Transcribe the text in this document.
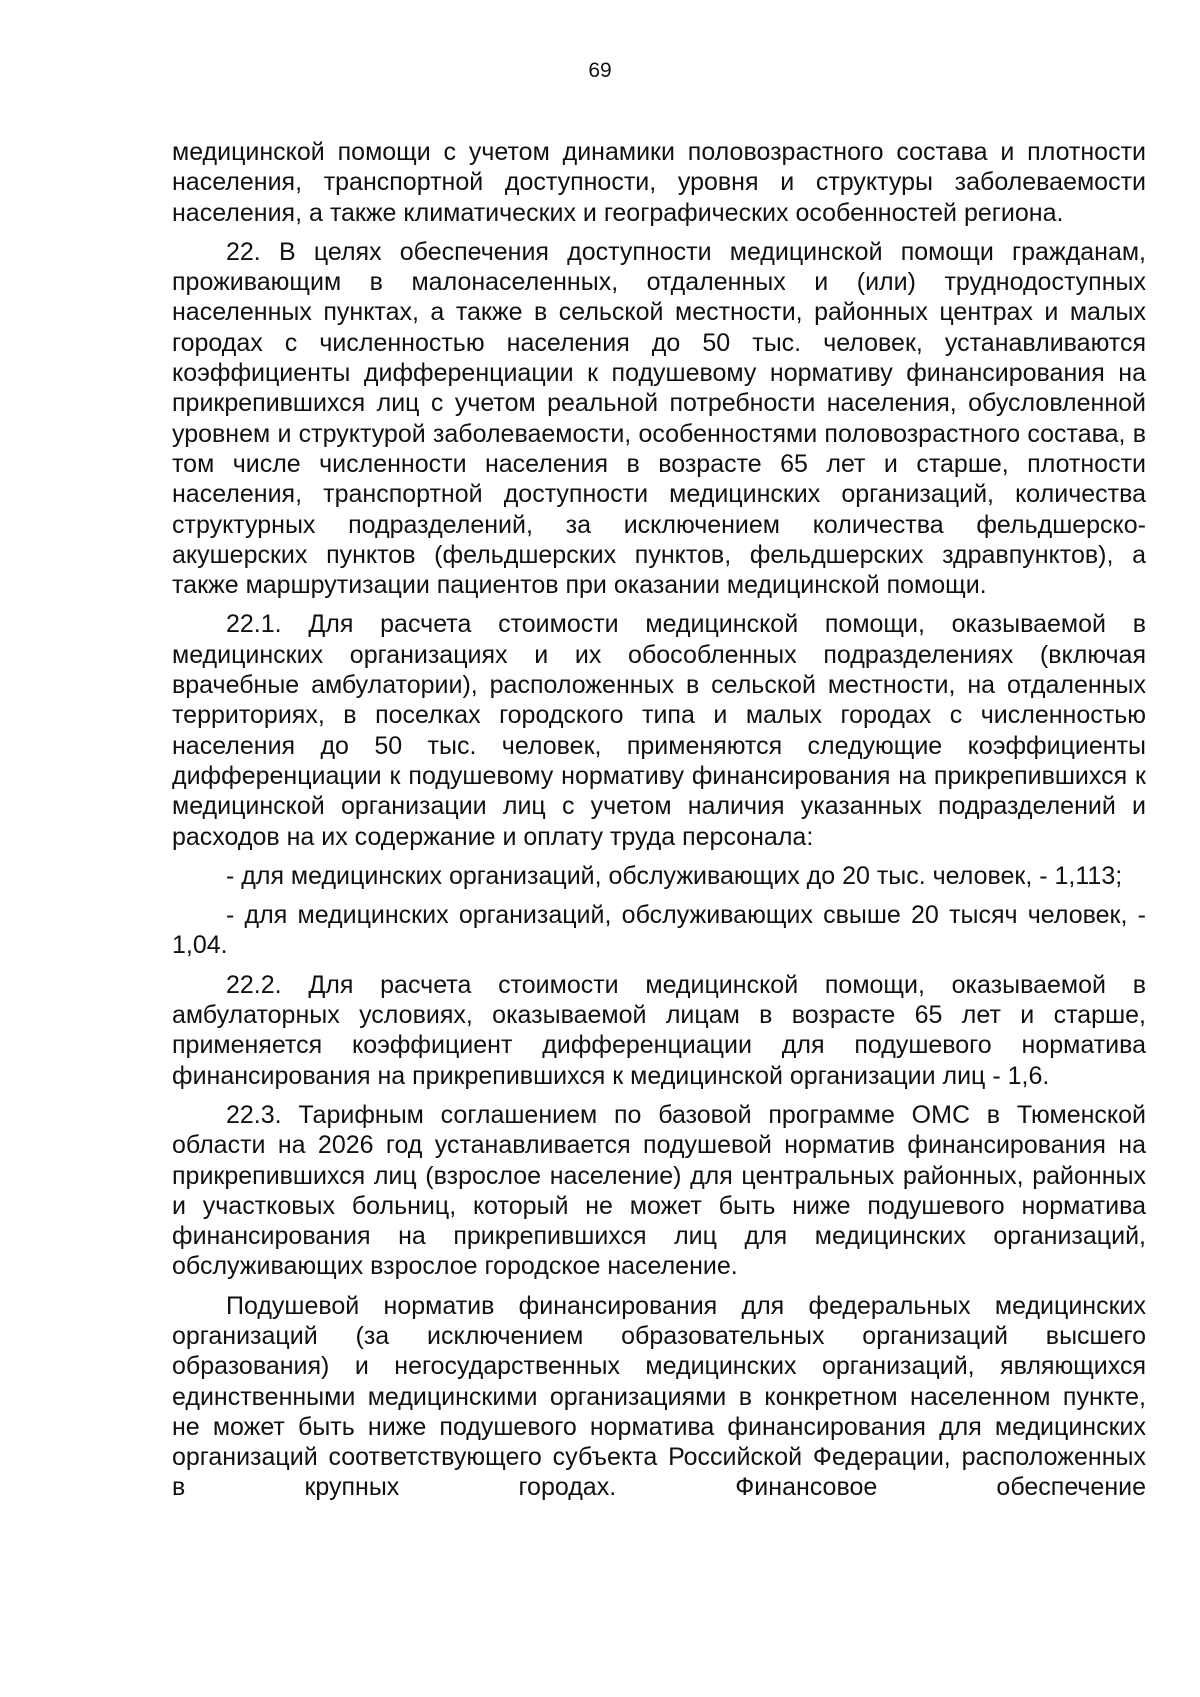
69

медицинской помощи с учетом динамики половозрастного состава и плотности населения, транспортной доступности, уровня и структуры заболеваемости населения, а также климатических и географических особенностей региона.

22. В целях обеспечения доступности медицинской помощи гражданам, проживающим в малонаселенных, отдаленных и (или) труднодоступных населенных пунктах, а также в сельской местности, районных центрах и малых городах с численностью населения до 50 тыс. человек, устанавливаются коэффициенты дифференциации к подушевому нормативу финансирования на прикрепившихся лиц с учетом реальной потребности населения, обусловленной уровнем и структурой заболеваемости, особенностями половозрастного состава, в том числе численности населения в возрасте 65 лет и старше, плотности населения, транспортной доступности медицинских организаций, количества структурных подразделений, за исключением количества фельдшерско-акушерских пунктов (фельдшерских пунктов, фельдшерских здравпунктов), а также маршрутизации пациентов при оказании медицинской помощи.

22.1. Для расчета стоимости медицинской помощи, оказываемой в медицинских организациях и их обособленных подразделениях (включая врачебные амбулатории), расположенных в сельской местности, на отдаленных территориях, в поселках городского типа и малых городах с численностью населения до 50 тыс. человек, применяются следующие коэффициенты дифференциации к подушевому нормативу финансирования на прикрепившихся к медицинской организации лиц с учетом наличия указанных подразделений и расходов на их содержание и оплату труда персонала:

- для медицинских организаций, обслуживающих до 20 тыс. человек, - 1,113;

- для медицинских организаций, обслуживающих свыше 20 тысяч человек, - 1,04.

22.2. Для расчета стоимости медицинской помощи, оказываемой в амбулаторных условиях, оказываемой лицам в возрасте 65 лет и старше, применяется коэффициент дифференциации для подушевого норматива финансирования на прикрепившихся к медицинской организации лиц - 1,6.

22.3. Тарифным соглашением по базовой программе ОМС в Тюменской области на 2026 год устанавливается подушевой норматив финансирования на прикрепившихся лиц (взрослое население) для центральных районных, районных и участковых больниц, который не может быть ниже подушевого норматива финансирования на прикрепившихся лиц для медицинских организаций, обслуживающих взрослое городское население.

Подушевой норматив финансирования для федеральных медицинских организаций (за исключением образовательных организаций высшего образования) и негосударственных медицинских организаций, являющихся единственными медицинскими организациями в конкретном населенном пункте, не может быть ниже подушевого норматива финансирования для медицинских организаций соответствующего субъекта Российской Федерации, расположенных в крупных городах. Финансовое обеспечение
